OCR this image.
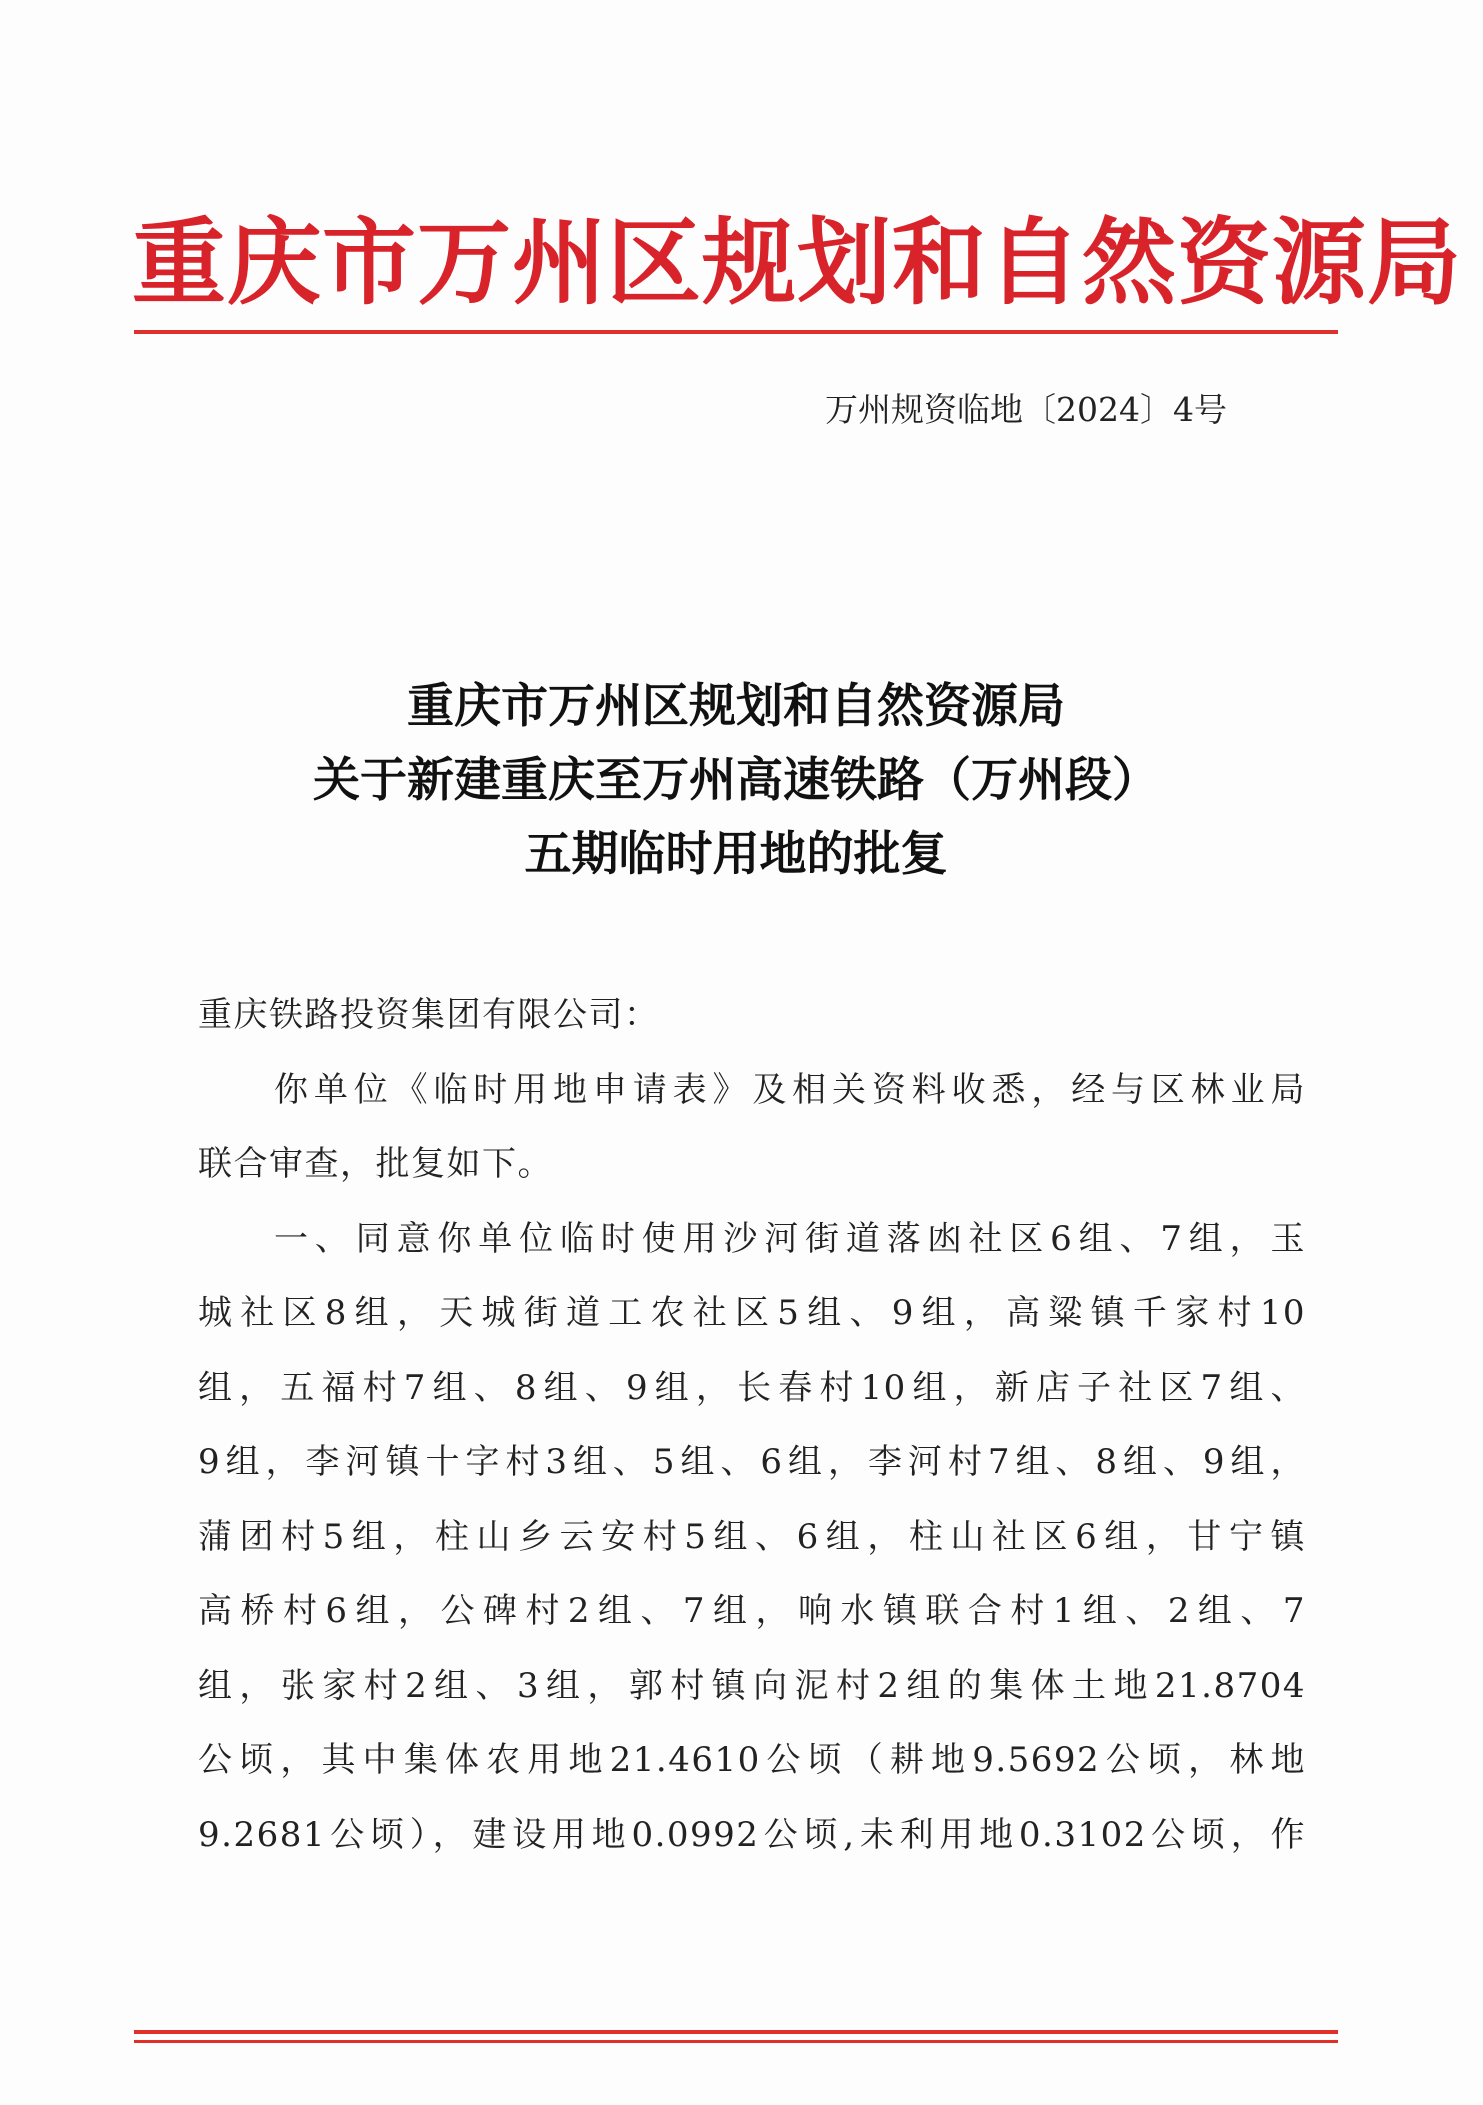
重庆市万州区规划和自然资源局
万州规资临地〔2024〕4号
重庆市万州区规划和自然资源局
关于新建重庆至万州高速铁路（万州段）
五期临时用地的批复

重庆铁路投资集团有限公司：

你单位《临时用地申请表》及相关资料收悉，经与区林业局

联合审查，批复如下。

一、同意你单位临时使用沙河街道落凼社区6组、7组，玉

城社区8组，天城街道工农社区5组、9组，高粱镇千家村10

组，五福村7组、8组、9组，长春村10组，新店子社区7组、

9组，李河镇十字村3组、5组、6组，李河村7组、8组、9组，

蒲团村5组，柱山乡云安村5组、6组，柱山社区6组，甘宁镇

高桥村6组，公碑村2组、7组，响水镇联合村1组、2组、7

组，张家村2组、3组，郭村镇向泥村2组的集体土地21.8704

公顷，其中集体农用地21.4610公顷（耕地9.5692公顷，林地

9.2681公顷），建设用地0.0992公顷,未利用地0.3102公顷，作
